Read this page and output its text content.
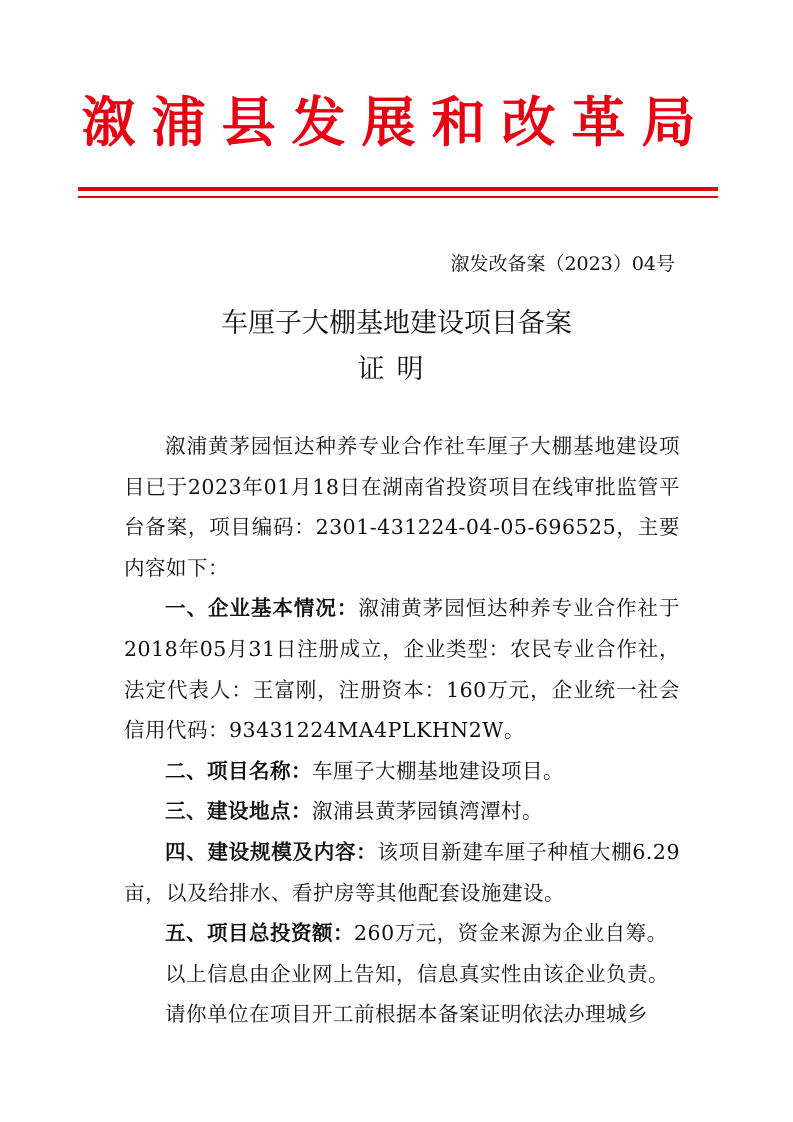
溆浦县发展和改革局
溆发改备案（2023）04号
车厘子大棚基地建设项目备案
证明

溆浦黄茅园恒达种养专业合作社车厘子大棚基地建设项目已于2023年01月18日在湖南省投资项目在线审批监管平台备案，项目编码：2301-431224-04-05-696525，主要内容如下：

一、企业基本情况：溆浦黄茅园恒达种养专业合作社于2018年05月31日注册成立，企业类型：农民专业合作社，法定代表人：王富刚，注册资本：160万元，企业统一社会信用代码：93431224MA4PLKHN2W。

二、项目名称：车厘子大棚基地建设项目。

三、建设地点：溆浦县黄茅园镇湾潭村。

四、建设规模及内容：该项目新建车厘子种植大棚6.29亩，以及给排水、看护房等其他配套设施建设。

五、项目总投资额：260万元，资金来源为企业自筹。

以上信息由企业网上告知，信息真实性由该企业负责。

请你单位在项目开工前根据本备案证明依法办理城乡
